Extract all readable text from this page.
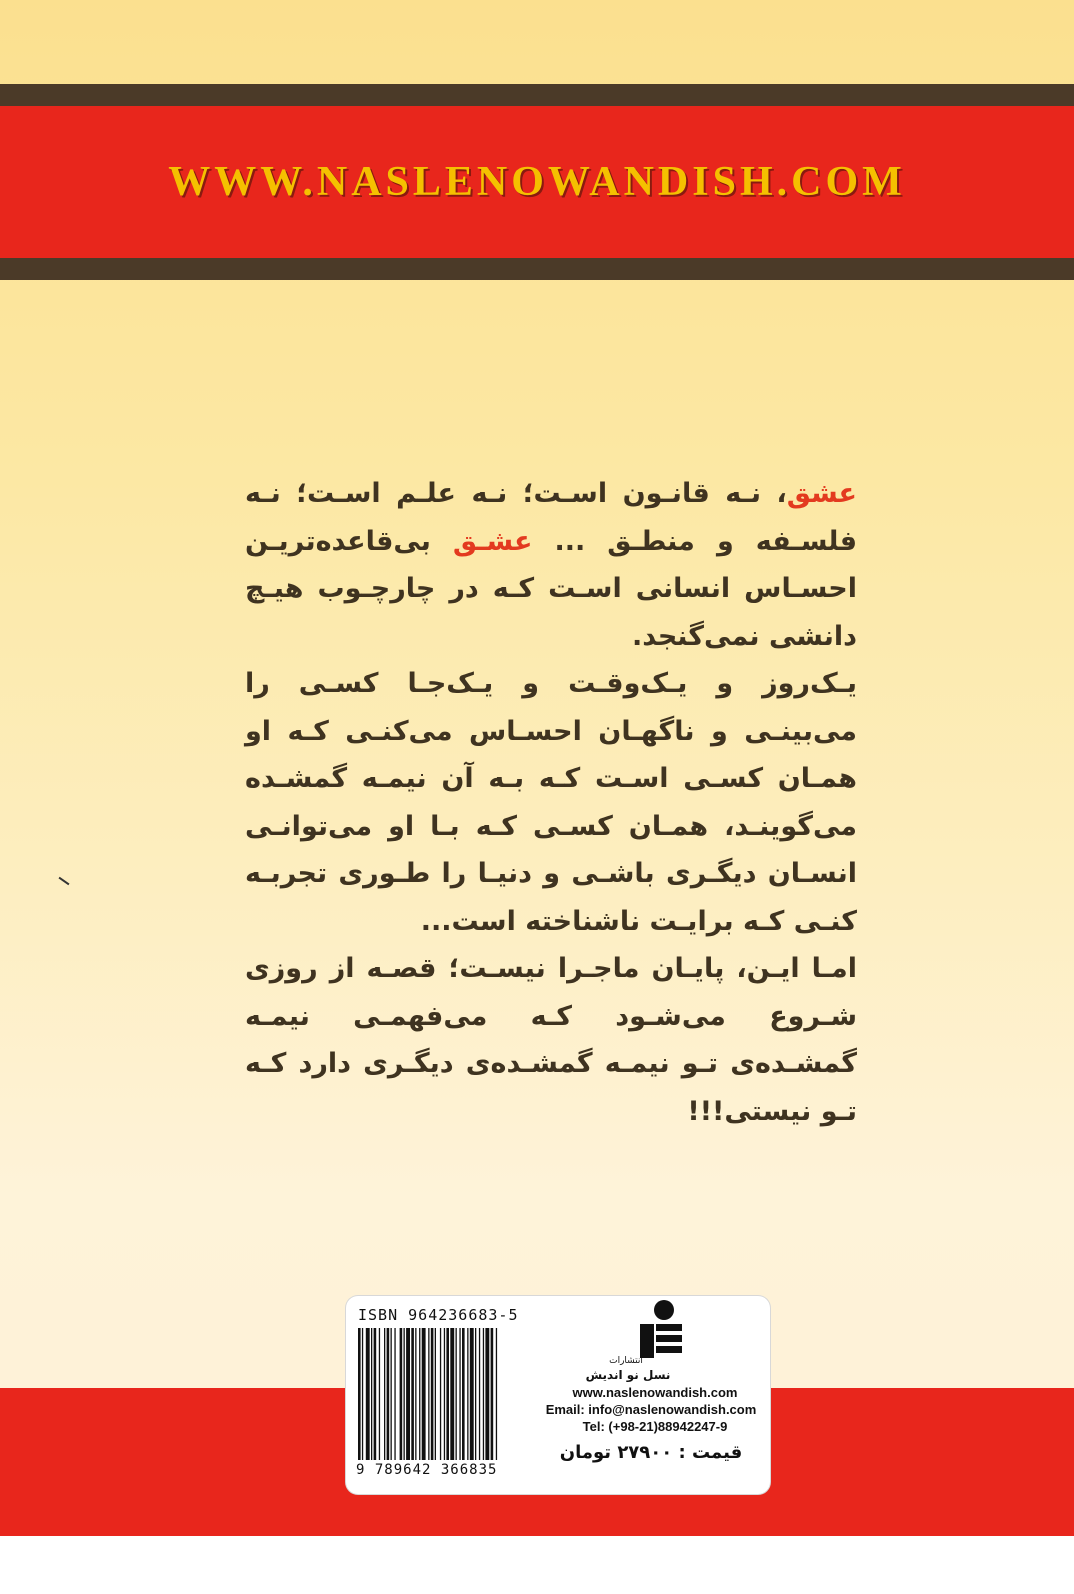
WWW.NASLENOWANDISH.COM

عشق، نـه قانـون اسـت؛ نـه علـم اسـت؛ نـه فلسـفه و منطـق ... عشـق بی‌قاعده‌تریـن احسـاس انسانی اسـت کـه در چارچـوب هیـچ دانشی نمی‌گنجد.

یـک‌روز و یـک‌وقـت و یـک‌جـا کسـی را می‌بینـی و ناگهـان احسـاس می‌کنـی کـه او همـان کسـی اسـت کـه بـه آن نیمـه گمشـده می‌گوینـد، همـان کسـی کـه بـا او می‌توانـی انسـان دیگـری باشـی و دنیـا را طـوری تجربـه کنـی کـه برایـت ناشناخته است...

امـا ایـن، پایـان ماجـرا نیسـت؛ قصـه از روزی شـروع می‌شـود کـه می‌فهمـی نیمـه گمشـده‌ی تـو نیمـه گمشـده‌ی دیگـری دارد کـه تـو نیستی!!!

ISBN 964236683-5
9 789642 366835
انتشارات
نسل نو اندیش
www.naslenowandish.com
Email: info@naslenowandish.com
Tel: (+98-21)88942247-9
قیمت : ۲۷۹۰۰ تومان
